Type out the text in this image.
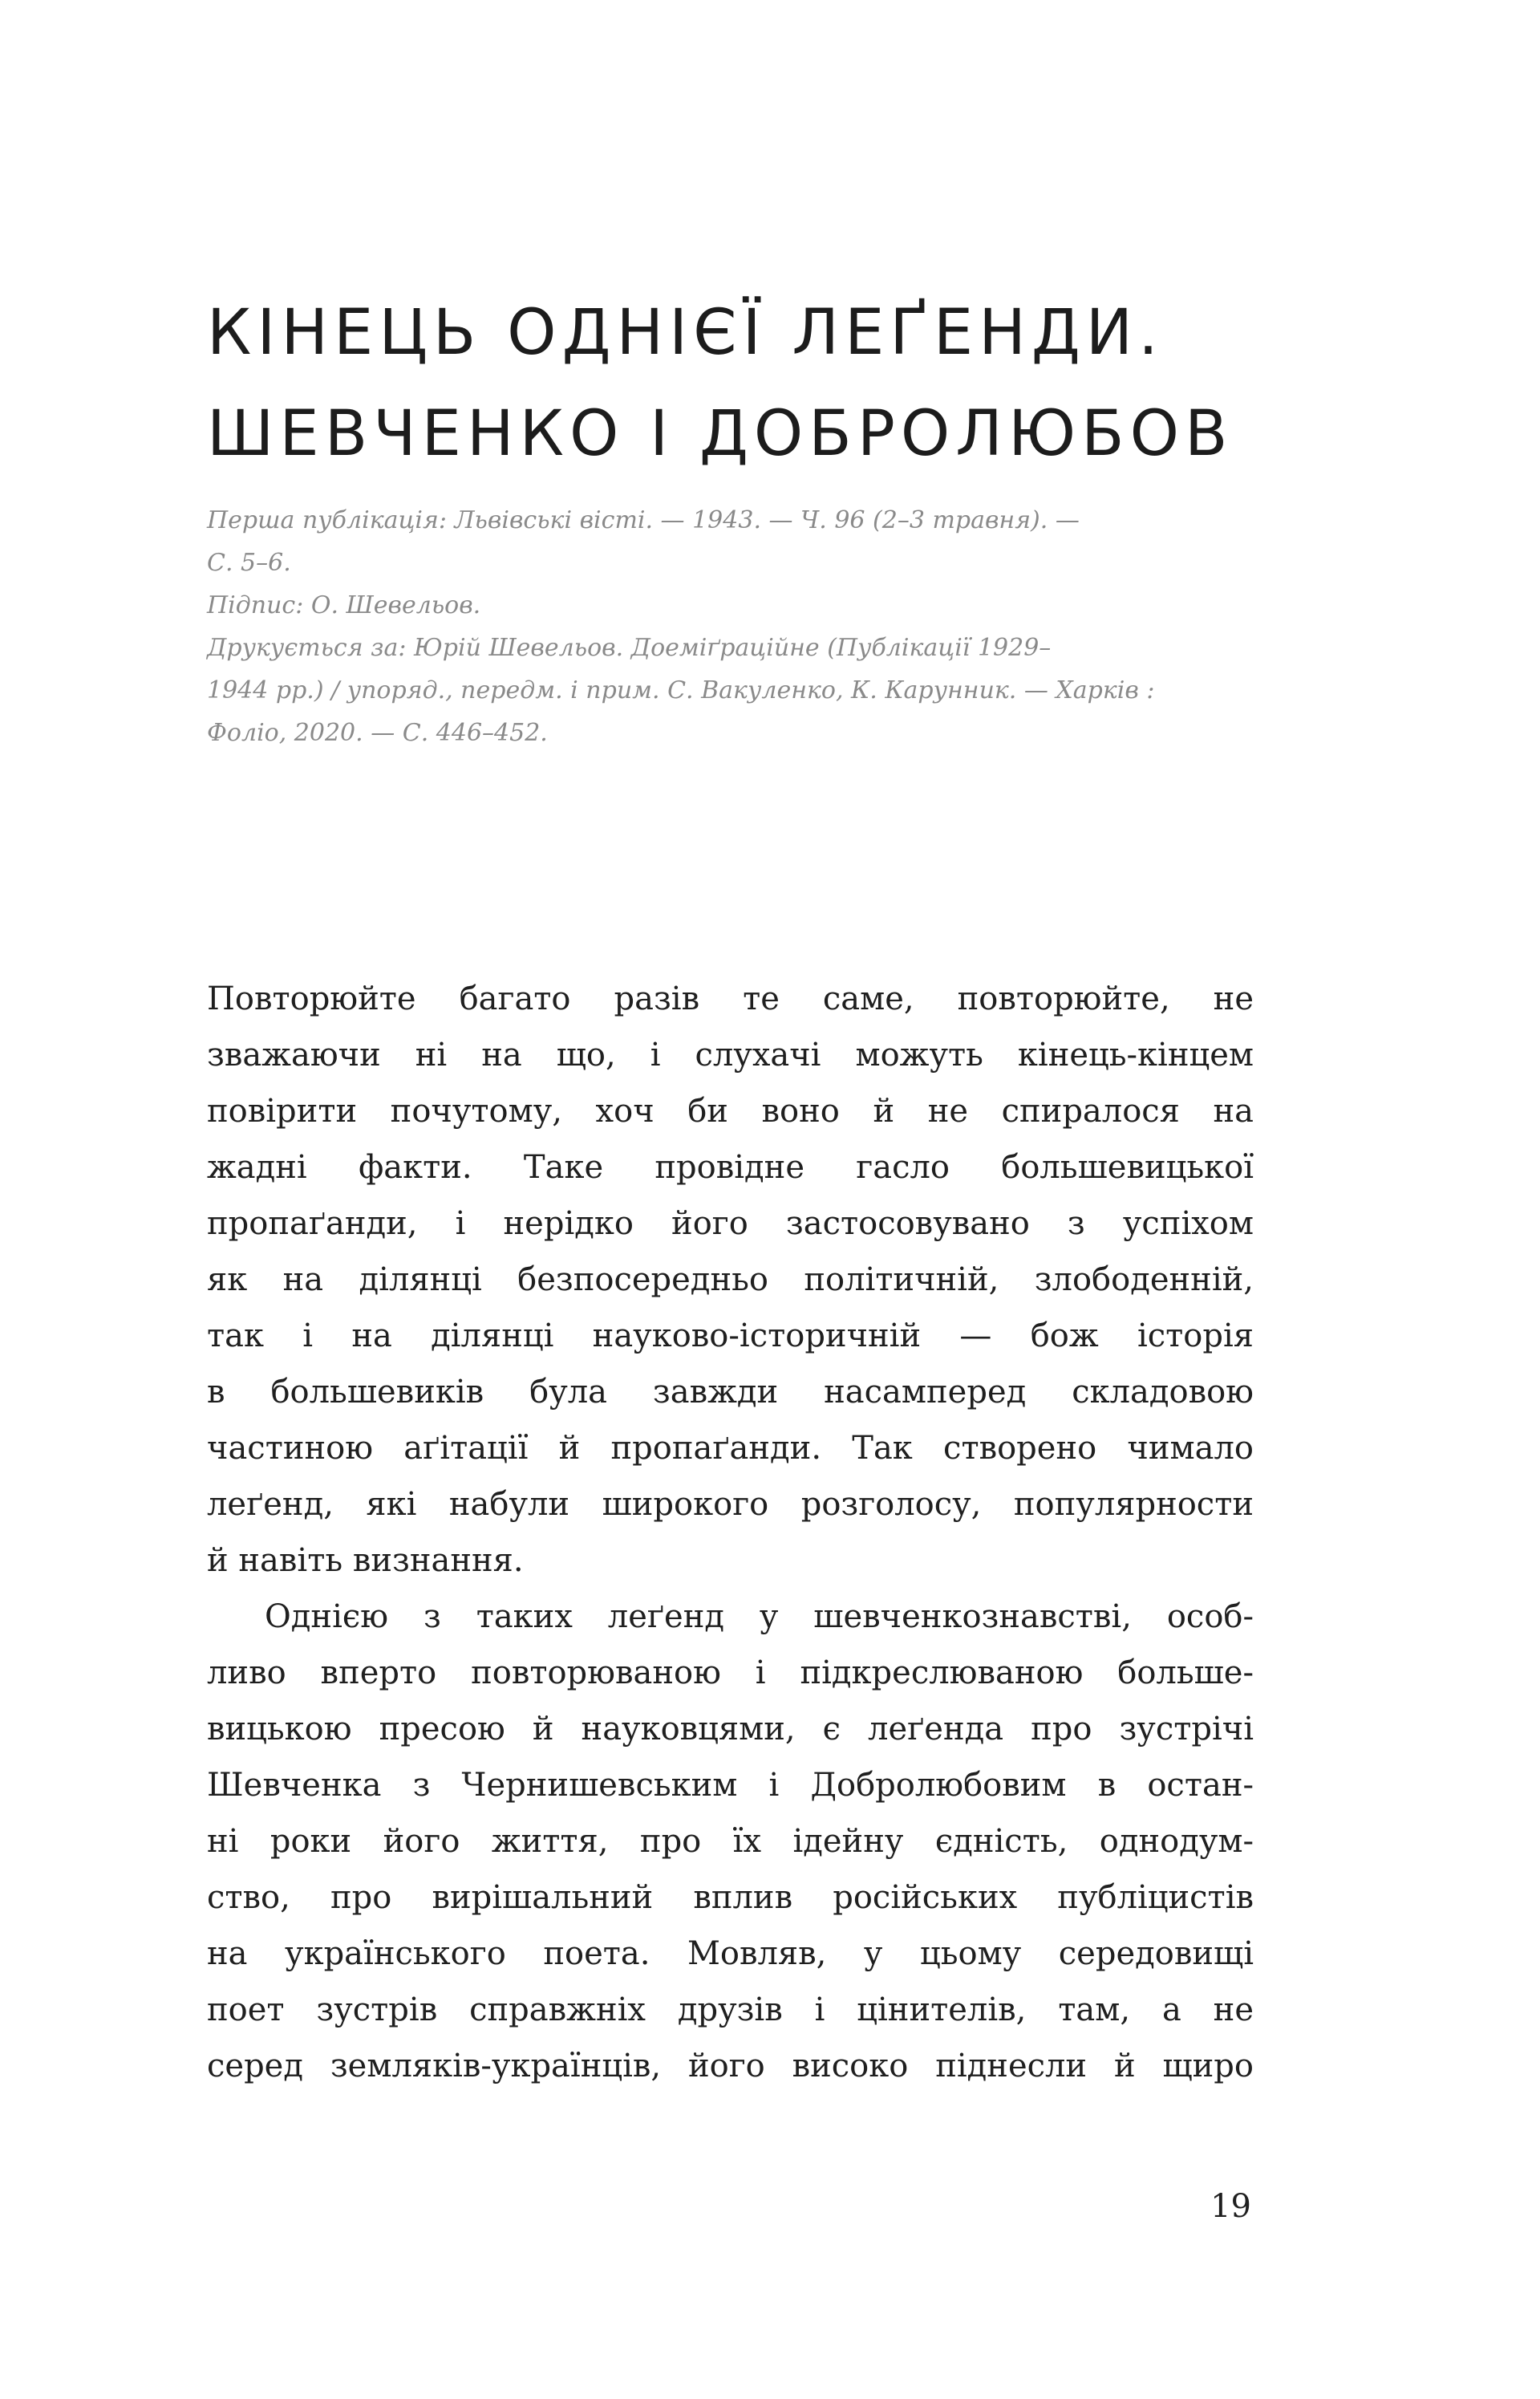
КІНЕЦЬ ОДНІЄЇ ЛЕҐЕНДИ.
ШЕВЧЕНКО І ДОБРОЛЮБОВ
Перша публікація: Львівські вісті. — 1943. — Ч. 96 (2–3 травня). —
С. 5–6.
Підпис: О. Шевельов.
Друкується за: Юрій Шевельов. Доеміґраційне (Публікації 1929–
1944 рр.) / упоряд., передм. і прим. С. Вакуленко, К. Карунник. — Харків :
Фоліо, 2020. — С. 446–452.
Повторюйте багато разів те саме, повторюйте, не
зважаючи ні на що, і слухачі можуть кінець-кінцем
повірити почутому, хоч би воно й не спиралося на
жадні факти. Таке провідне гасло большевицької
пропаґанди, і нерідко його застосовувано з успіхом
як на ділянці безпосередньо політичній, злободенній,
так і на ділянці науково-історичній — бож історія
в большевиків була завжди насамперед складовою
частиною аґітації й пропаґанди. Так створено чимало
леґенд, які набули широкого розголосу, популярности
й навіть визнання.
Однією з таких леґенд у шевченкознавстві, особ-
ливо вперто повторюваною і підкреслюваною больше-
вицькою пресою й науковцями, є леґенда про зустрічі
Шевченка з Чернишевським і Добролюбовим в остан-
ні роки його життя, про їх ідейну єдність, однодум-
ство, про вирішальний вплив російських публіцистів
на українського поета. Мовляв, у цьому середовищі
поет зустрів справжніх друзів і цінителів, там, а не
серед земляків-українців, його високо піднесли й щиро
19
